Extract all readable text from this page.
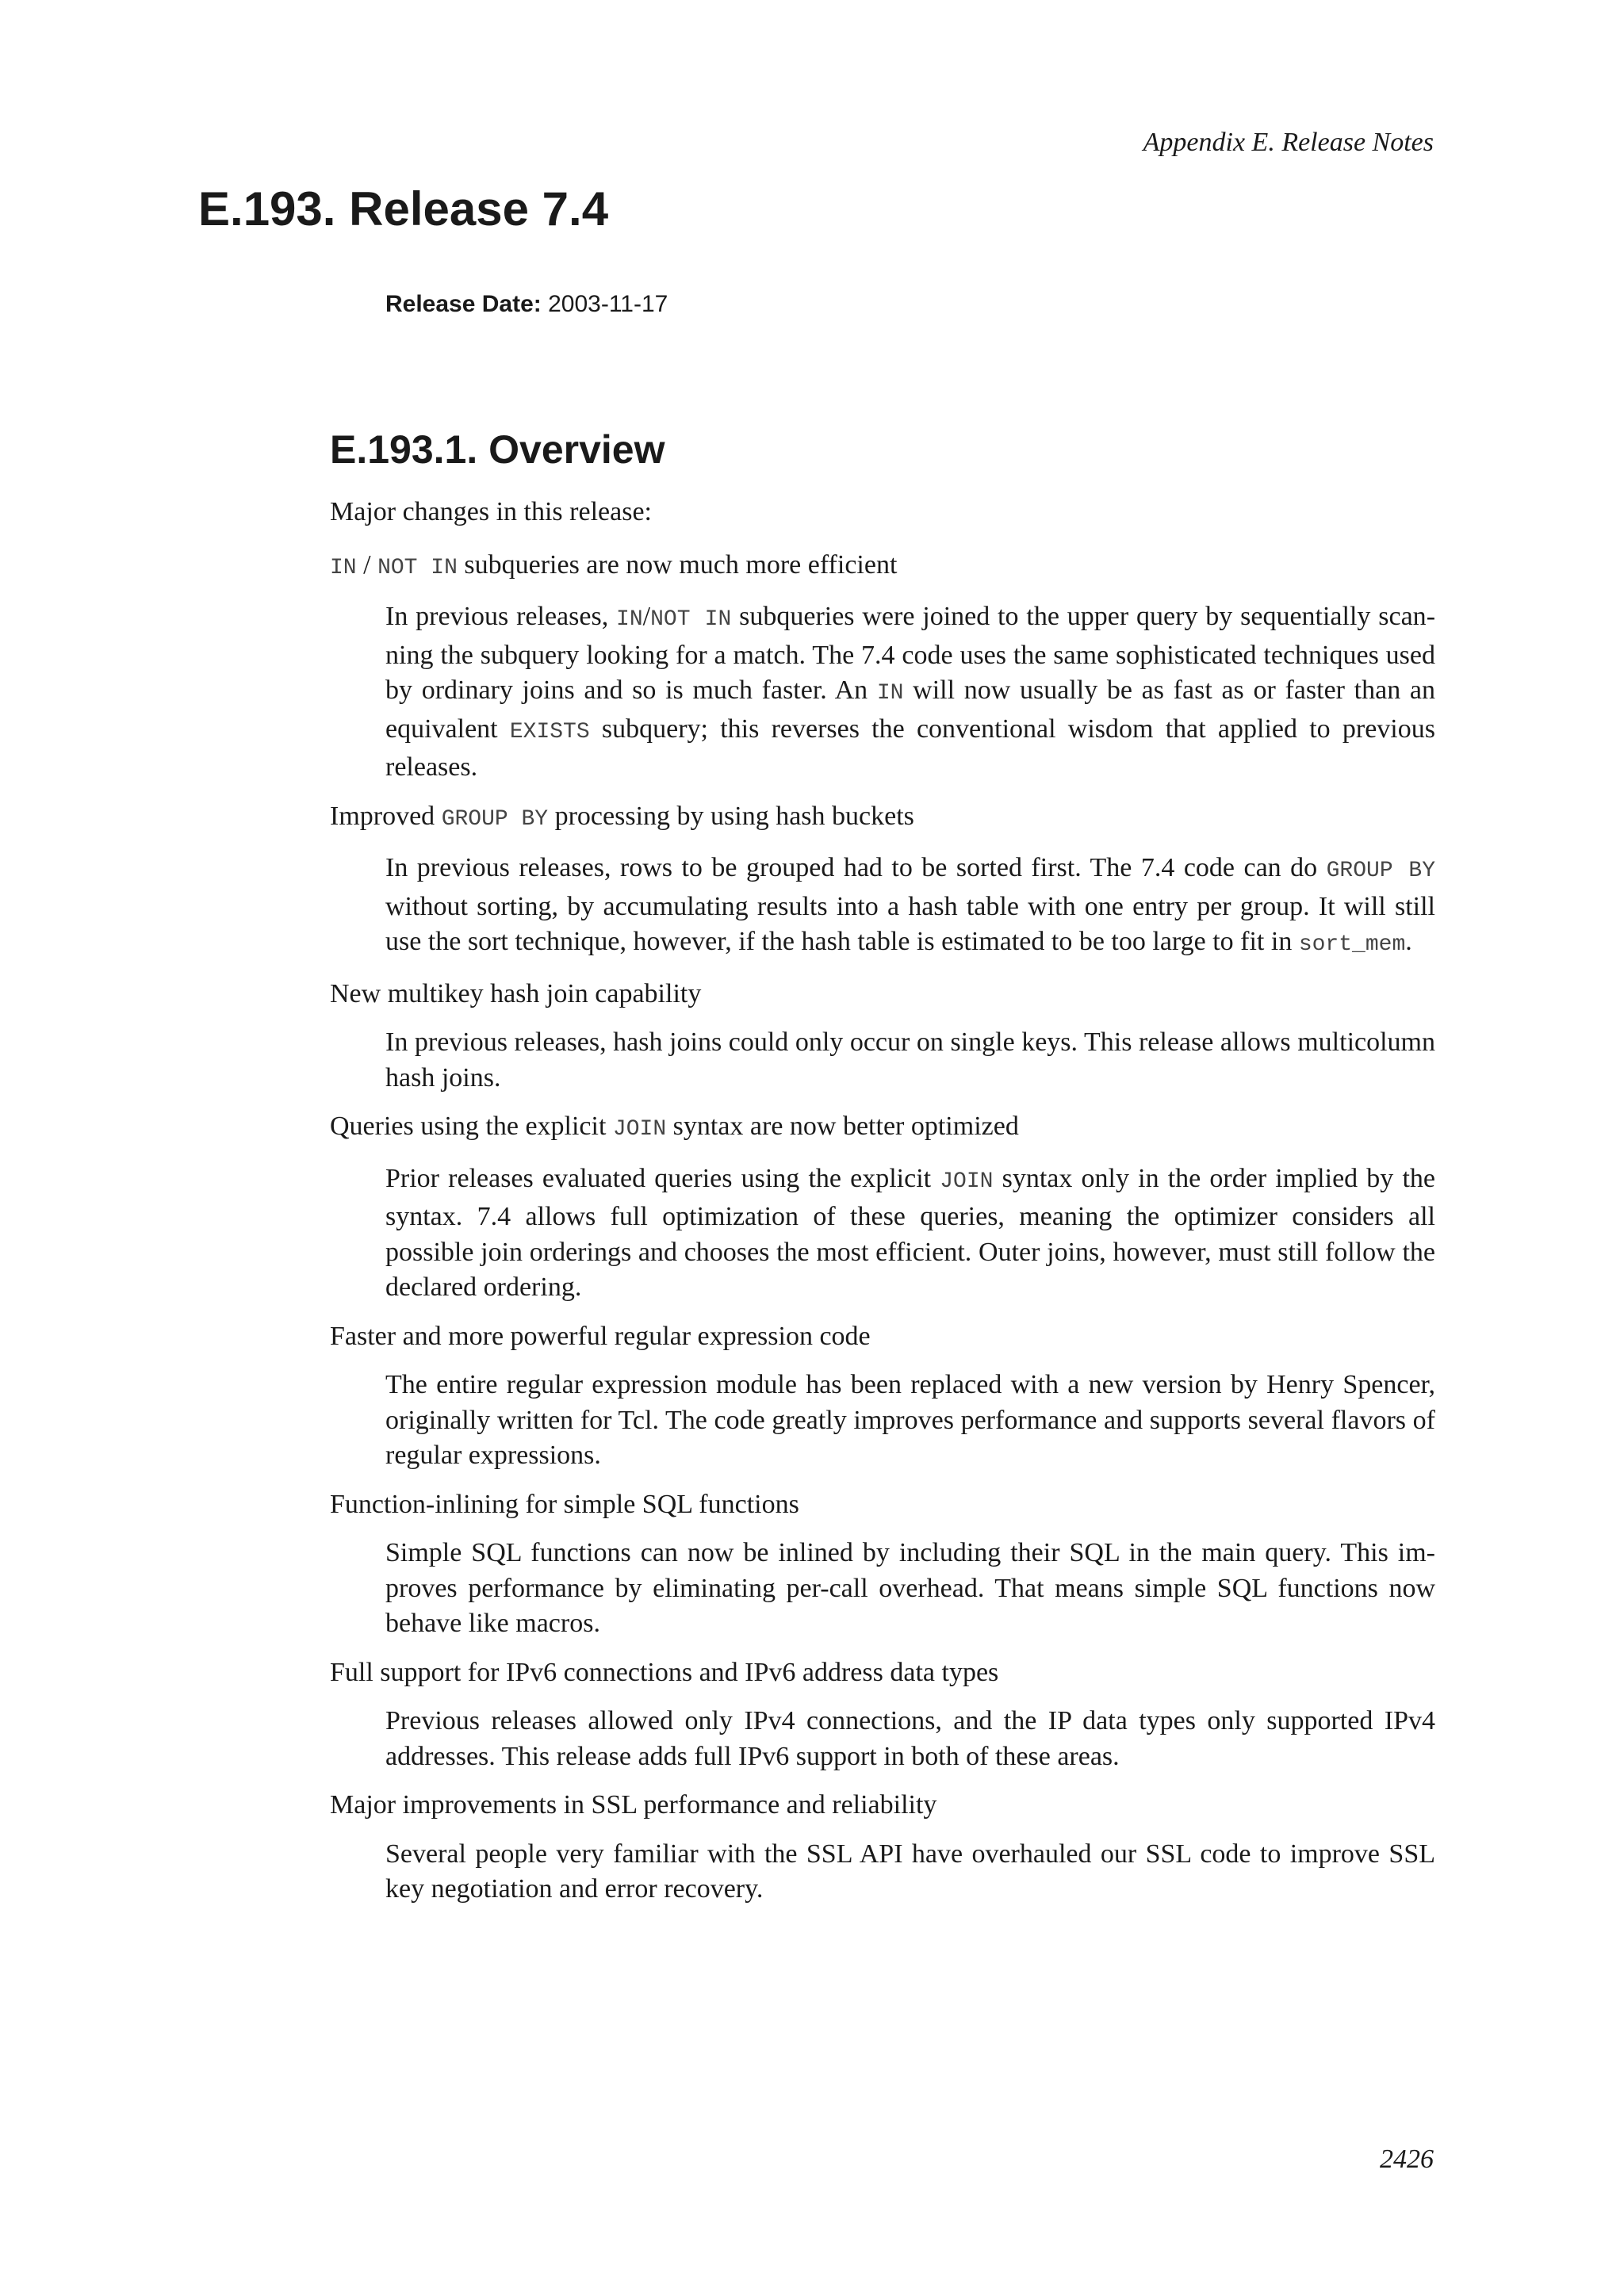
Appendix E. Release Notes
E.193. Release 7.4
Release Date: 2003-11-17
E.193.1. Overview

Major changes in this release:

IN / NOT IN subqueries are now much more efficient
In previous releases, IN/NOT IN subqueries were joined to the upper query by sequentially scanning the subquery looking for a match. The 7.4 code uses the same sophisticated techniques used by ordinary joins and so is much faster. An IN will now usually be as fast as or faster than an equivalent EXISTS subquery; this reverses the conventional wisdom that applied to previous releases.
Improved GROUP BY processing by using hash buckets
In previous releases, rows to be grouped had to be sorted first. The 7.4 code can do GROUP BY without sorting, by accumulating results into a hash table with one entry per group. It will still use the sort technique, however, if the hash table is estimated to be too large to fit in sort_mem.
New multikey hash join capability
In previous releases, hash joins could only occur on single keys. This release allows multicolumn hash joins.
Queries using the explicit JOIN syntax are now better optimized
Prior releases evaluated queries using the explicit JOIN syntax only in the order implied by the syntax. 7.4 allows full optimization of these queries, meaning the optimizer considers all possible join orderings and chooses the most efficient. Outer joins, however, must still follow the declared ordering.
Faster and more powerful regular expression code
The entire regular expression module has been replaced with a new version by Henry Spencer, originally written for Tcl. The code greatly improves performance and supports several flavors of regular expressions.
Function-inlining for simple SQL functions
Simple SQL functions can now be inlined by including their SQL in the main query. This improves performance by eliminating per-call overhead. That means simple SQL functions now behave like macros.
Full support for IPv6 connections and IPv6 address data types
Previous releases allowed only IPv4 connections, and the IP data types only supported IPv4 addresses. This release adds full IPv6 support in both of these areas.
Major improvements in SSL performance and reliability
Several people very familiar with the SSL API have overhauled our SSL code to improve SSL key negotiation and error recovery.
2426
